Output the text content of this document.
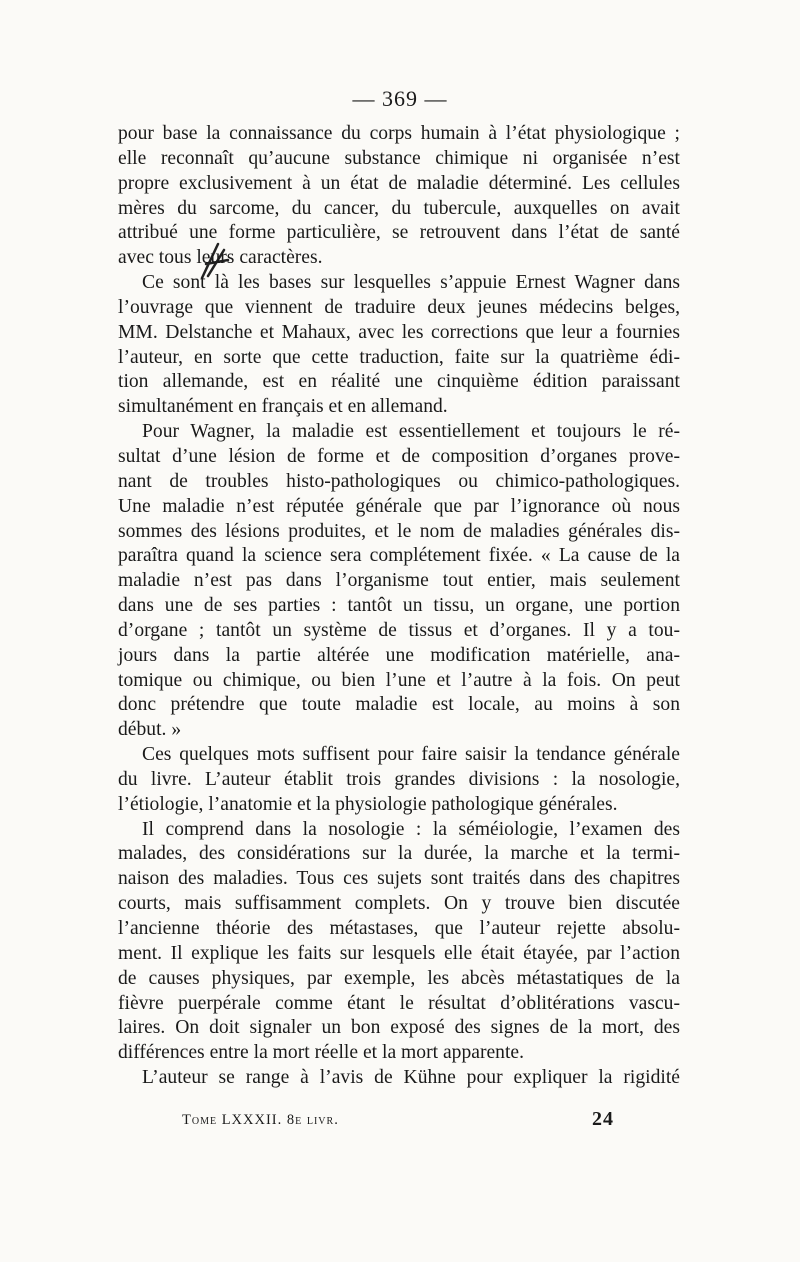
— 369 —

pour base la connaissance du corps humain à l’état physiologique ;

elle reconnaît qu’aucune substance chimique ni organisée n’est

propre exclusivement à un état de maladie déterminé. Les cellules

mères du sarcome, du cancer, du tubercule, auxquelles on avait

attribué une forme particulière, se retrouvent dans l’état de santé

avec tous leurs caractères.

Ce sont là les bases sur lesquelles s’appuie Ernest Wagner dans

l’ouvrage que viennent de traduire deux jeunes médecins belges,

MM. Delstanche et Mahaux, avec les corrections que leur a fournies

l’auteur, en sorte que cette traduction, faite sur la quatrième édi-

tion allemande, est en réalité une cinquième édition paraissant

simultanément en français et en allemand.

Pour Wagner, la maladie est essentiellement et toujours le ré-

sultat d’une lésion de forme et de composition d’organes prove-

nant de troubles histo-pathologiques ou chimico-pathologiques.

Une maladie n’est réputée générale que par l’ignorance où nous

sommes des lésions produites, et le nom de maladies générales dis-

paraîtra quand la science sera complétement fixée. « La cause de la

maladie n’est pas dans l’organisme tout entier, mais seulement

dans une de ses parties : tantôt un tissu, un organe, une portion

d’organe ; tantôt un système de tissus et d’organes. Il y a tou-

jours dans la partie altérée une modification matérielle, ana-

tomique ou chimique, ou bien l’une et l’autre à la fois. On peut

donc prétendre que toute maladie est locale, au moins à son

début. »

Ces quelques mots suffisent pour faire saisir la tendance générale

du livre. L’auteur établit trois grandes divisions : la nosologie,

l’étiologie, l’anatomie et la physiologie pathologique générales.

Il comprend dans la nosologie : la séméiologie, l’examen des

malades, des considérations sur la durée, la marche et la termi-

naison des maladies. Tous ces sujets sont traités dans des chapitres

courts, mais suffisamment complets. On y trouve bien discutée

l’ancienne théorie des métastases, que l’auteur rejette absolu-

ment. Il explique les faits sur lesquels elle était étayée, par l’action

de causes physiques, par exemple, les abcès métastatiques de la

fièvre puerpérale comme étant le résultat d’oblitérations vascu-

laires. On doit signaler un bon exposé des signes de la mort, des

différences entre la mort réelle et la mort apparente.

L’auteur se range à l’avis de Kühne pour expliquer la rigidité

Tome LXXXII. 8e livr.	24
